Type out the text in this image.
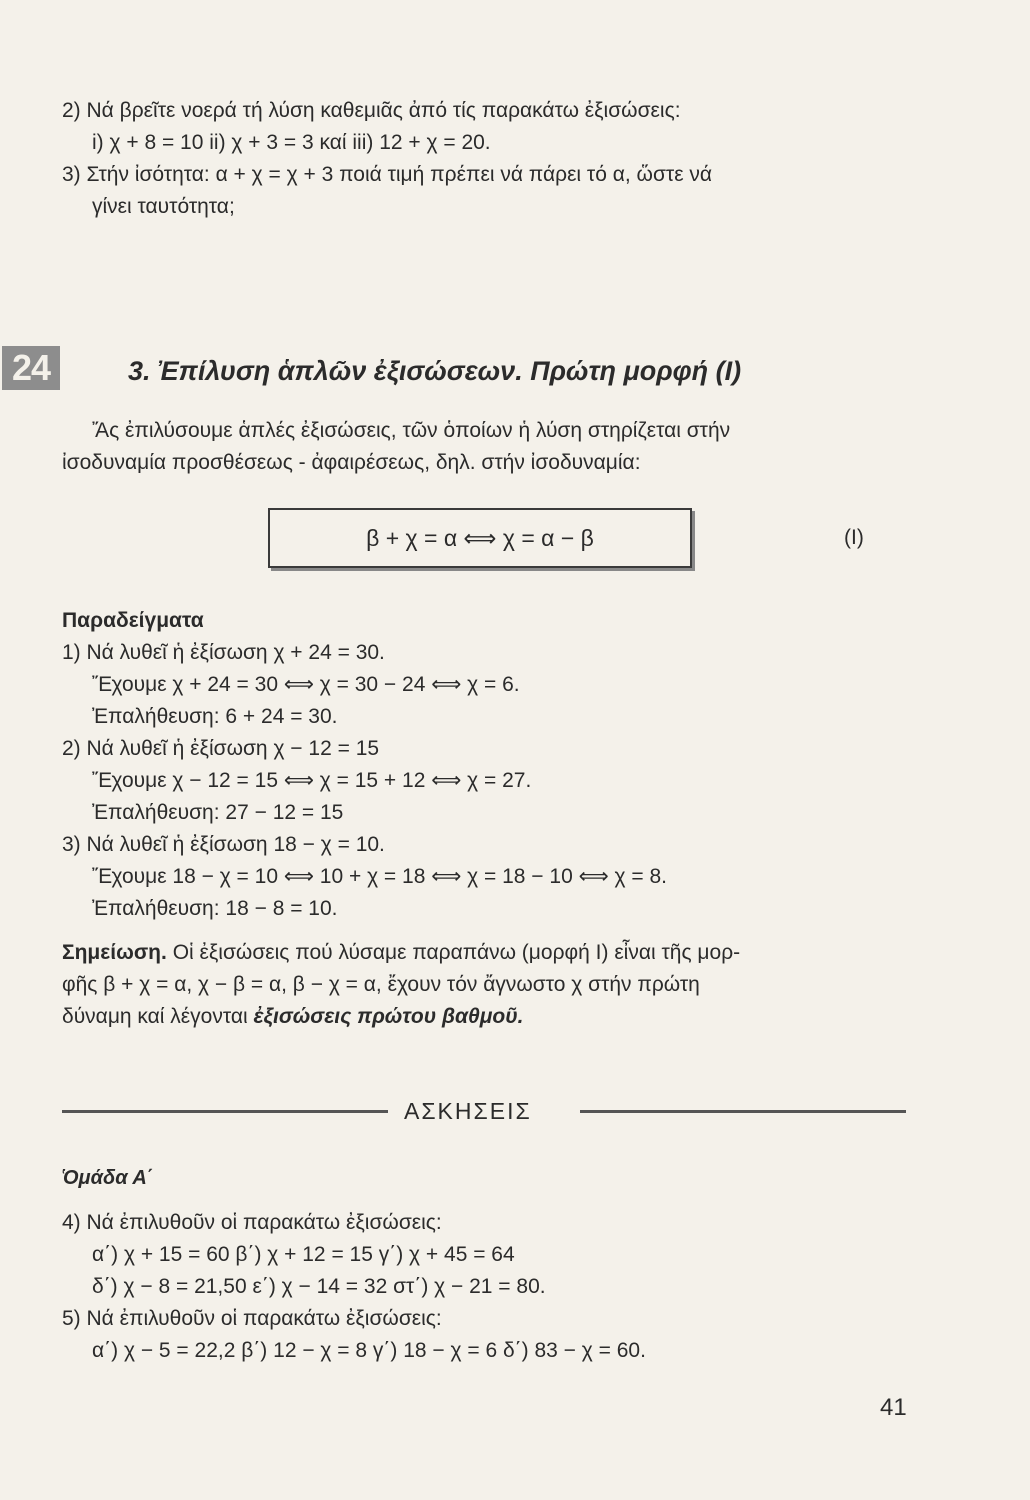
2) Νά βρεῖτε νοερά τή λύση καθεμιᾶς ἀπό τίς παρακάτω ἐξισώσεις:
i) χ + 8 = 10 ii) χ + 3 = 3 καί iii) 12 + χ = 20.
3) Στήν ἰσότητα: α + χ = χ + 3 ποιά τιμή πρέπει νά πάρει τό α, ὥστε νά
γίνει ταυτότητα;
24	3. Ἐπίλυση ἁπλῶν ἐξισώσεων. Πρώτη μορφή (Ι)
Ἄς ἐπιλύσουμε ἁπλές ἐξισώσεις, τῶν ὁποίων ἡ λύση στηρίζεται στήν
ἰσοδυναμία προσθέσεως - ἀφαιρέσεως, δηλ. στήν ἰσοδυναμία:
β + χ = α ⟺ χ = α − β	(Ι)
Παραδείγματα
1) Νά λυθεῖ ἡ ἐξίσωση χ + 24 = 30.
Ἔχουμε χ + 24 = 30 ⟺ χ = 30 − 24 ⟺ χ = 6.
Ἐπαλήθευση: 6 + 24 = 30.
2) Νά λυθεῖ ἡ ἐξίσωση χ − 12 = 15
Ἔχουμε χ − 12 = 15 ⟺ χ = 15 + 12 ⟺ χ = 27.
Ἐπαλήθευση: 27 − 12 = 15
3) Νά λυθεῖ ἡ ἐξίσωση 18 − χ = 10.
Ἔχουμε 18 − χ = 10 ⟺ 10 + χ = 18 ⟺ χ = 18 − 10 ⟺ χ = 8.
Ἐπαλήθευση: 18 − 8 = 10.
Σημείωση. Οἱ ἐξισώσεις πού λύσαμε παραπάνω (μορφή Ι) εἶναι τῆς μορ-
φῆς β + χ = α, χ − β = α, β − χ = α, ἔχουν τόν ἄγνωστο χ στήν πρώτη
δύναμη καί λέγονται ἐξισώσεις πρώτου βαθμοῦ.
ΑΣΚΗΣΕΙΣ
Ὁμάδα Α΄
4) Νά ἐπιλυθοῦν οἱ παρακάτω ἐξισώσεις:
α΄) χ + 15 = 60 β΄) χ + 12 = 15 γ΄) χ + 45 = 64
δ΄) χ − 8 = 21,50 ε΄) χ − 14 = 32 στ΄) χ − 21 = 80.
5) Νά ἐπιλυθοῦν οἱ παρακάτω ἐξισώσεις:
α΄) χ − 5 = 22,2 β΄) 12 − χ = 8 γ΄) 18 − χ = 6 δ΄) 83 − χ = 60.
41
